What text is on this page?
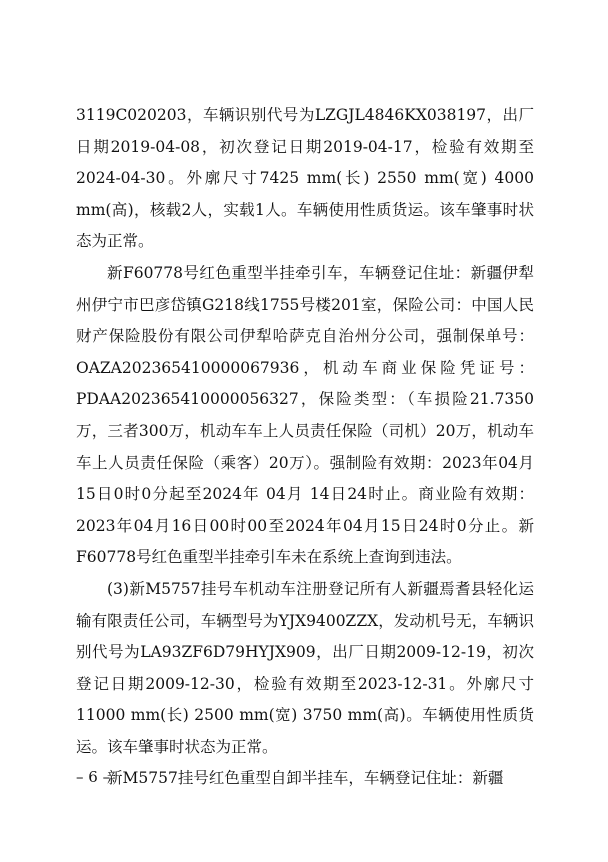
3119C020203，车辆识别代号为LZGJL4846KX038197，出厂日期2019-04-08，初次登记日期2019-04-17，检验有效期至2024-04-30。外廓尺寸7425 mm(长) 2550 mm(宽) 4000 mm(高)，核载2人，实载1人。车辆使用性质货运。该车肇事时状态为正常。

新F60778号红色重型半挂牵引车，车辆登记住址：新疆伊犁州伊宁市巴彦岱镇G218线1755号楼201室，保险公司：中国人民财产保险股份有限公司伊犁哈萨克自治州分公司，强制保单号：OAZA202365410000067936，机动车商业保险凭证号：PDAA202365410000056327，保险类型：（车损险21.7350万，三者300万，机动车车上人员责任保险（司机）20万，机动车车上人员责任保险（乘客）20万）。强制险有效期：2023年04月15日0时0分起至2024年 04月 14日24时止。商业险有效期：2023年04月16日00时00至2024年04月15日24时0分止。新F60778号红色重型半挂牵引车未在系统上查询到违法。

(3)新M5757挂号车机动车注册登记所有人新疆焉耆县轻化运输有限责任公司，车辆型号为YJX9400ZZX，发动机号无，车辆识别代号为LA93ZF6D79HYJX909，出厂日期2009-12-19，初次登记日期2009-12-30，检验有效期至2023-12-31。外廓尺寸11000 mm(长) 2500 mm(宽) 3750 mm(高)。车辆使用性质货运。该车肇事时状态为正常。

新M5757挂号红色重型自卸半挂车，车辆登记住址：新疆

– 6 –
